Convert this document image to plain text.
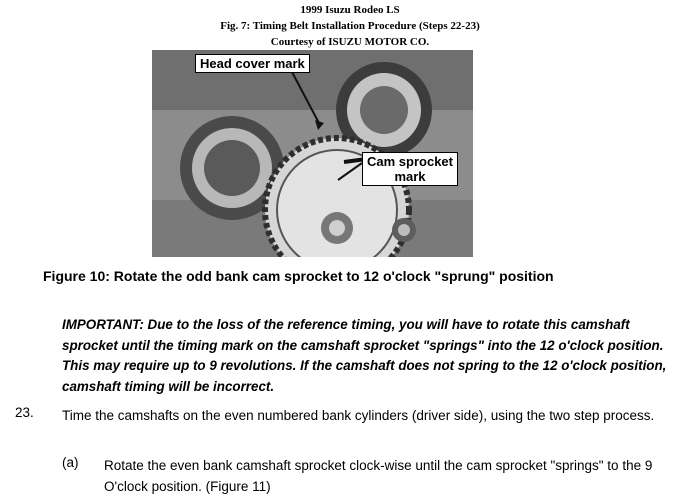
1999 Isuzu Rodeo LS
Fig. 7: Timing Belt Installation Procedure (Steps 22-23)
Courtesy of ISUZU MOTOR CO.
Head cover mark
Cam sprocket
mark
Figure 10: Rotate the odd bank cam sprocket to 12 o'clock "sprung" position
IMPORTANT: Due to the loss of the reference timing, you will have to rotate this camshaft sprocket until the timing mark on the camshaft sprocket "springs" into the 12 o'clock position. This may require up to 9 revolutions. If the camshaft does not spring to the 12 o'clock position, camshaft timing will be incorrect.
23. Time the camshafts on the even numbered bank cylinders (driver side), using the two step process.
(a) Rotate the even bank camshaft sprocket clock-wise until the cam sprocket "springs" to the 9 O'clock position. (Figure 11)
